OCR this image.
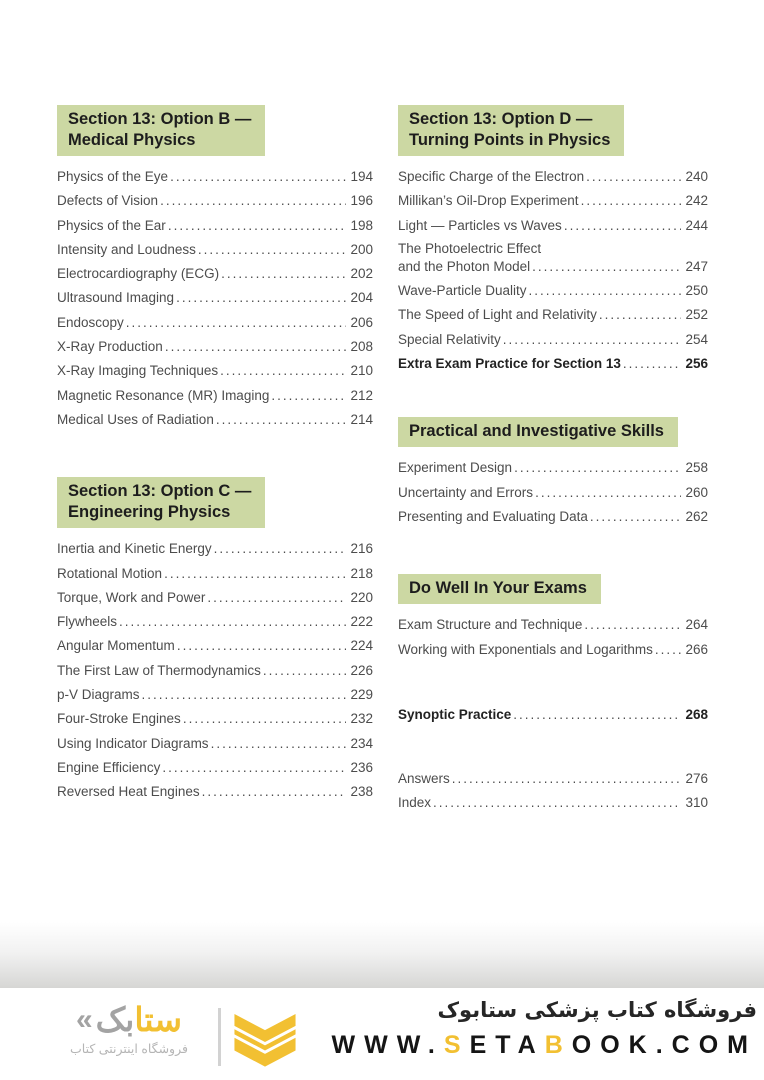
Section 13: Option B —
Medical Physics
Physics of the Eye .....	194
Defects of Vision .....	196
Physics of the Ear .....	198
Intensity and Loudness .....	200
Electrocardiography (ECG) .....	202
Ultrasound Imaging .....	204
Endoscopy .....	206
X-Ray Production .....	208
X-Ray Imaging Techniques .....	210
Magnetic Resonance (MR) Imaging .....	212
Medical Uses of Radiation .....	214
Section 13: Option C —
Engineering Physics
Inertia and Kinetic Energy .....	216
Rotational Motion .....	218
Torque, Work and Power .....	220
Flywheels .....	222
Angular Momentum .....	224
The First Law of Thermodynamics .....	226
p-V Diagrams .....	229
Four-Stroke Engines .....	232
Using Indicator Diagrams .....	234
Engine Efficiency .....	236
Reversed Heat Engines .....	238
Section 13: Option D —
Turning Points in Physics
Specific Charge of the Electron .....	240
Millikan’s Oil-Drop Experiment .....	242
Light — Particles vs Waves .....	244
The Photoelectric Effect
and the Photon Model .....	247
Wave-Particle Duality .....	250
The Speed of Light and Relativity .....	252
Special Relativity .....	254
Extra Exam Practice for Section 13 .....	256
Practical and Investigative Skills
Experiment Design .....	258
Uncertainty and Errors .....	260
Presenting and Evaluating Data .....	262
Do Well In Your Exams
Exam Structure and Technique .....	264
Working with Exponentials and Logarithms ..... 266
Synoptic Practice .....	268
Answers .....	276
Index .....	310
«	ستابک
فروشگاه اینترنتی کتاب
فروشگاه کتاب پزشکی ستابوک
WWW.SETABOOK.COM
